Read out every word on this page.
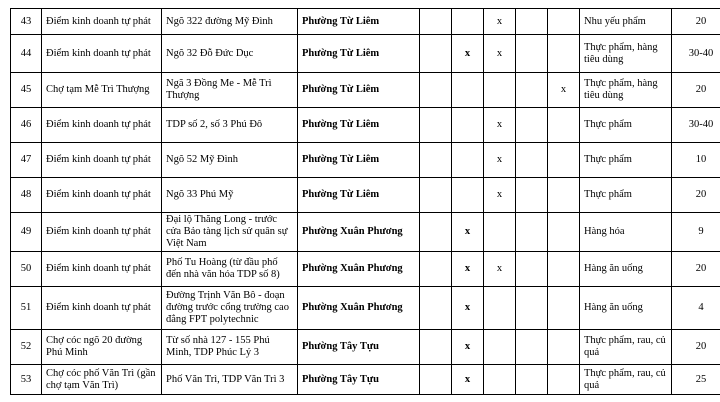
43	Điểm kinh doanh tự phát	Ngõ 322 đường Mỹ Đình	Phường Từ Liêm			x			Nhu yếu phẩm	20
44	Điểm kinh doanh tự phát	Ngõ 32 Đỗ Đức Dục	Phường Từ Liêm		x	x			Thực phẩm, hàng tiêu dùng	30-40
45	Chợ tạm Mễ Trì Thượng	Ngã 3 Đồng Me - Mễ Trì Thượng	Phường Từ Liêm					x	Thực phẩm, hàng tiêu dùng	20
46	Điểm kinh doanh tự phát	TDP số 2, số 3 Phú Đô	Phường Từ Liêm			x			Thực phẩm	30-40
47	Điểm kinh doanh tự phát	Ngõ 52 Mỹ Đình	Phường Từ Liêm			x			Thực phẩm	10
48	Điểm kinh doanh tự phát	Ngõ 33 Phú Mỹ	Phường Từ Liêm			x			Thực phẩm	20
49	Điểm kinh doanh tự phát	Đại lộ Thăng Long - trước cửa Bảo tàng lịch sử quân sự Việt Nam	Phường Xuân Phương		x				Hàng hóa	9
50	Điểm kinh doanh tự phát	Phố Tu Hoàng (từ đầu phố đến nhà văn hóa TDP số 8)	Phường Xuân Phương		x	x			Hàng ăn uống	20
51	Điểm kinh doanh tự phát	Đường Trịnh Văn Bô - đoạn đường trước cổng trường cao đẳng FPT polytechnic	Phường Xuân Phương		x				Hàng ăn uống	4
52	Chợ cóc ngõ 20 đường Phú Minh	Từ số nhà 127 - 155 Phú Minh, TDP Phúc Lý 3	Phường Tây Tựu		x				Thực phẩm, rau, củ quả	20
53	Chợ cóc phố Văn Trì (gần chợ tạm Văn Trì)	Phố Văn Trì, TDP Văn Trì 3	Phường Tây Tựu		x				Thực phẩm, rau, củ quả	25
